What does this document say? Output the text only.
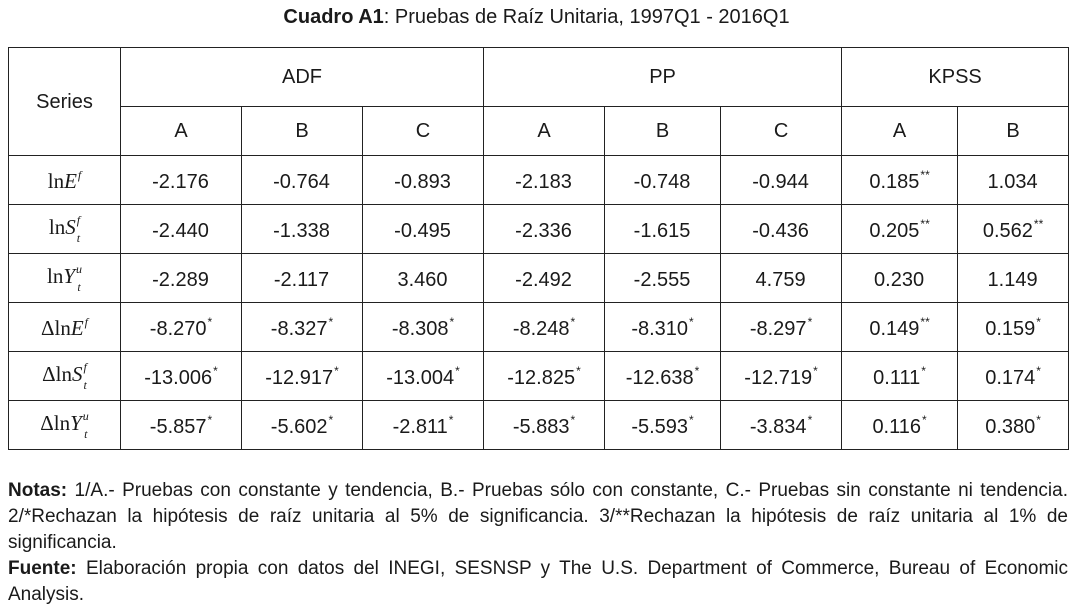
Cuadro A1: Pruebas de Raíz Unitaria, 1997Q1 - 2016Q1
Series	ADF			PP			KPSS	
	A	B	C	A	B	C	A	B
lnE$^f$	-2.176	-0.764	-0.893	-2.183	-0.748	-0.944	0.185**	1.034
lnS f
t	-2.440	-1.338	-0.495	-2.336	-1.615	-0.436	0.205**	0.562**
lnY u
t	-2.289	-2.117	3.460	-2.492	-2.555	4.759	0.230	1.149
ΔlnE$^f$	-8.270*	-8.327*	-8.308*	-8.248*	-8.310*	-8.297*	0.149**	0.159*
ΔlnS f
t	-13.006*	-12.917*	-13.004*	-12.825*	-12.638*	-12.719*	0.111*	0.174*
ΔlnY u
t	-5.857*	-5.602*	-2.811*	-5.883*	-5.593*	-3.834*	0.116*	0.380*

Notas: 1/A.- Pruebas con constante y tendencia, B.- Pruebas sólo con constante, C.- Pruebas sin constante ni tendencia. 2/*Rechazan la hipótesis de raíz unitaria al 5% de significancia. 3/**Rechazan la hipótesis de raíz unitaria al 1% de significancia.

Fuente: Elaboración propia con datos del INEGI, SESNSP y The U.S. Department of Commerce, Bureau of Economic Analysis.
